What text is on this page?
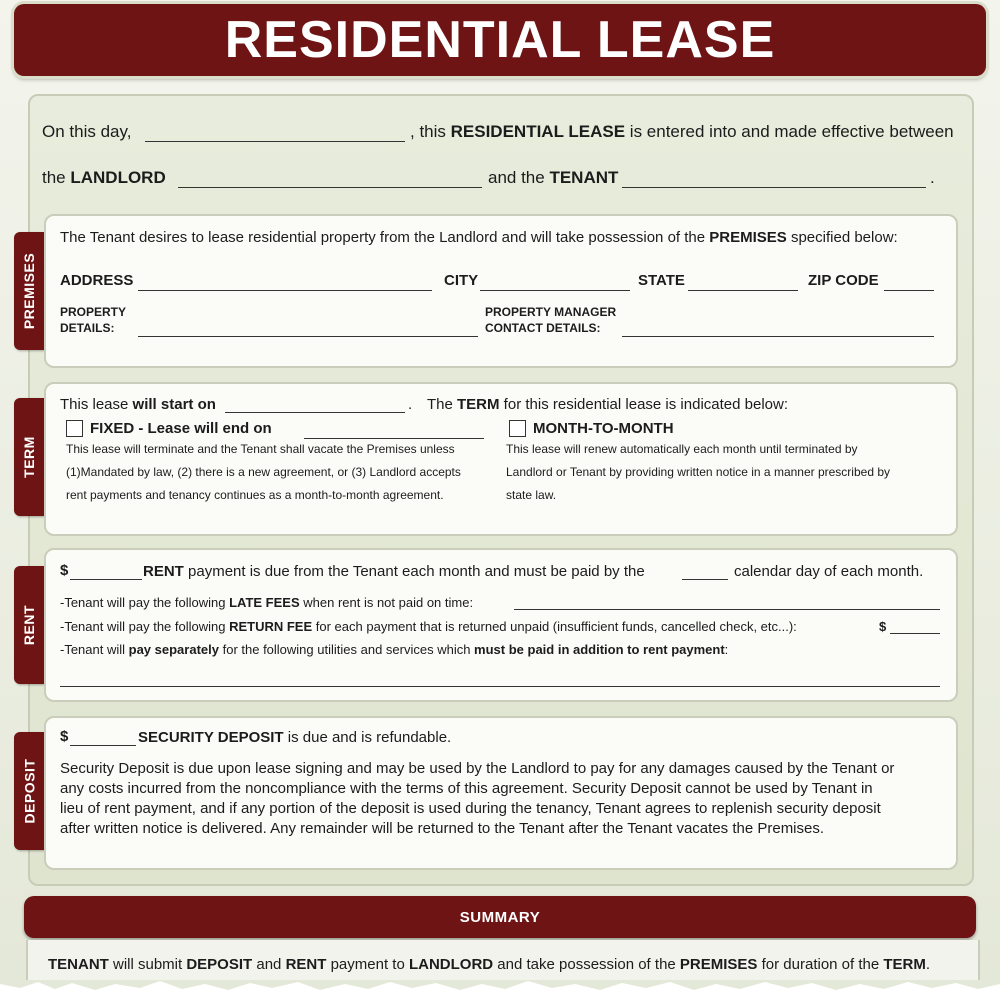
RESIDENTIAL LEASE
On this day,	, this RESIDENTIAL LEASE is entered into and made effective between
the LANDLORD	and the TENANT	.
PREMISES
The Tenant desires to lease residential property from the Landlord and will take possession of the PREMISES specified below:
ADDRESS	CITY	STATE	ZIP CODE
PROPERTY
DETAILS:
PROPERTY MANAGER
CONTACT DETAILS:
TERM
This lease will start on	. The TERM for this residential lease is indicated below:
FIXED - Lease will end on
This lease will terminate and the Tenant shall vacate the Premises unless
(1)Mandated by law, (2) there is a new agreement, or (3) Landlord accepts
rent payments and tenancy continues as a month-to-month agreement.
MONTH-TO-MONTH
This lease will renew automatically each month until terminated by
Landlord or Tenant by providing written notice in a manner prescribed by
state law.
RENT
$	RENT payment is due from the Tenant each month and must be paid by the	calendar day of each month.
-Tenant will pay the following LATE FEES when rent is not paid on time:
-Tenant will pay the following RETURN FEE for each payment that is returned unpaid (insufficient funds, cancelled check, etc...):	$
-Tenant will pay separately for the following utilities and services which must be paid in addition to rent payment:
DEPOSIT
$	SECURITY DEPOSIT is due and is refundable.
Security Deposit is due upon lease signing and may be used by the Landlord to pay for any damages caused by the Tenant or
any costs incurred from the noncompliance with the terms of this agreement. Security Deposit cannot be used by Tenant in
lieu of rent payment, and if any portion of the deposit is used during the tenancy, Tenant agrees to replenish security deposit
after written notice is delivered. Any remainder will be returned to the Tenant after the Tenant vacates the Premises.
SUMMARY
TENANT will submit DEPOSIT and RENT payment to LANDLORD and take possession of the PREMISES for duration of the TERM.
